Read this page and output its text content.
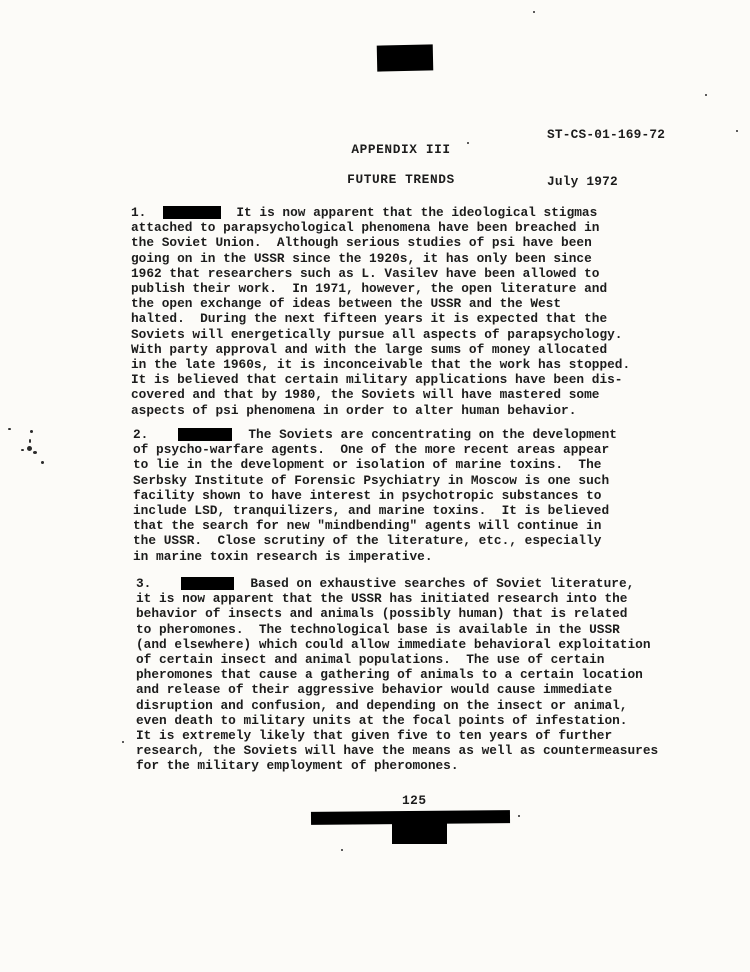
ST-CS-01-169-72

July 1972

APPENDIX III
FUTURE TRENDS
1.	It is now apparent that the ideological stigmas
attached to parapsychological phenomena have been breached in
the Soviet Union.  Although serious studies of psi have been
going on in the USSR since the 1920s, it has only been since
1962 that researchers such as L. Vasilev have been allowed to
publish their work.  In 1971, however, the open literature and
the open exchange of ideas between the USSR and the West
halted.  During the next fifteen years it is expected that the
Soviets will energetically pursue all aspects of parapsychology.
With party approval and with the large sums of money allocated
in the late 1960s, it is inconceivable that the work has stopped.
It is believed that certain military applications have been dis-
covered and that by 1980, the Soviets will have mastered some
aspects of psi phenomena in order to alter human behavior.
2.	The Soviets are concentrating on the development
of psycho-warfare agents.  One of the more recent areas appear
to lie in the development or isolation of marine toxins.  The
Serbsky Institute of Forensic Psychiatry in Moscow is one such
facility shown to have interest in psychotropic substances to
include LSD, tranquilizers, and marine toxins.  It is believed
that the search for new "mindbending" agents will continue in
the USSR.  Close scrutiny of the literature, etc., especially
in marine toxin research is imperative.
3.	Based on exhaustive searches of Soviet literature,
it is now apparent that the USSR has initiated research into the
behavior of insects and animals (possibly human) that is related
to pheromones.  The technological base is available in the USSR
(and elsewhere) which could allow immediate behavioral exploitation
of certain insect and animal populations.  The use of certain
pheromones that cause a gathering of animals to a certain location
and release of their aggressive behavior would cause immediate
disruption and confusion, and depending on the insect or animal,
even death to military units at the focal points of infestation.
It is extremely likely that given five to ten years of further
research, the Soviets will have the means as well as countermeasures
for the military employment of pheromones.
125
